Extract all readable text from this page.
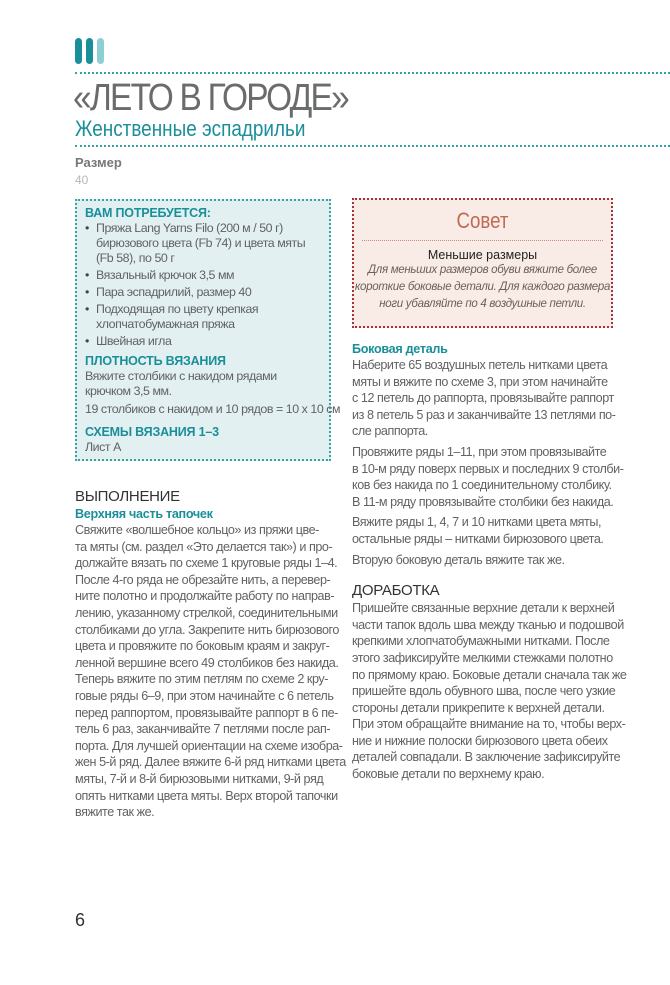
«ЛЕТО В ГОРОДЕ»
Женственные эспадрильи
Размер
40
ВАМ ПОТРЕБУЕТСЯ:
• Пряжа Lang Yarns Filo (200 м / 50 г)
бирюзового цвета (Fb 74) и цвета мяты
(Fb 58), по 50 г
• Вязальный крючок 3,5 мм
• Пара эспадрилий, размер 40
• Подходящая по цвету крепкая
хлопчатобумажная пряжа
• Швейная игла
ПЛОТНОСТЬ ВЯЗАНИЯ

Вяжите столбики с накидом рядами
крючком 3,5 мм.

19 столбиков с накидом и 10 рядов = 10 х 10 см

СХЕМЫ ВЯЗАНИЯ 1–3

Лист А

Совет
Меньшие размеры
Для меньших размеров обуви вяжите более
короткие боковые детали. Для каждого размера
ноги убавляйте по 4 воздушные петли.
ВЫПОЛНЕНИЕ
Верхняя часть тапочек
Свяжите «волшебное кольцо» из пряжи цве-
та мяты (см. раздел «Это делается так») и про-
должайте вязать по схеме 1 круговые ряды 1–4.
После 4-го ряда не обрезайте нить, а перевер-
ните полотно и продолжайте работу по направ-
лению, указанному стрелкой, соединительными
столбиками до угла. Закрепите нить бирюзового
цвета и провяжите по боковым краям и закруг-
ленной вершине всего 49 столбиков без накида.
Теперь вяжите по этим петлям по схеме 2 кру-
говые ряды 6–9, при этом начинайте с 6 петель
перед раппортом, провязывайте раппорт в 6 пе-
тель 6 раз, заканчивайте 7 петлями после рап-
порта. Для лучшей ориентации на схеме изобра-
жен 5-й ряд. Далее вяжите 6-й ряд нитками цвета
мяты, 7-й и 8-й бирюзовыми нитками, 9-й ряд
опять нитками цвета мяты. Верх второй тапочки
вяжите так же.
Боковая деталь
Наберите 65 воздушных петель нитками цвета
мяты и вяжите по схеме 3, при этом начинайте
с 12 петель до раппорта, провязывайте раппорт
из 8 петель 5 раз и заканчивайте 13 петлями по-
сле раппорта.
Провяжите ряды 1–11, при этом провязывайте
в 10-м ряду поверх первых и последних 9 столби-
ков без накида по 1 соединительному столбику.
В 11-м ряду провязывайте столбики без накида.
Вяжите ряды 1, 4, 7 и 10 нитками цвета мяты,
остальные ряды – нитками бирюзового цвета.
Вторую боковую деталь вяжите так же.
ДОРАБОТКА
Пришейте связанные верхние детали к верхней
части тапок вдоль шва между тканью и подошвой
крепкими хлопчатобумажными нитками. После
этого зафиксируйте мелкими стежками полотно
по прямому краю. Боковые детали сначала так же
пришейте вдоль обувного шва, после чего узкие
стороны детали прикрепите к верхней детали.
При этом обращайте внимание на то, чтобы верх-
ние и нижние полоски бирюзового цвета обеих
деталей совпадали. В заключение зафиксируйте
боковые детали по верхнему краю.
6
